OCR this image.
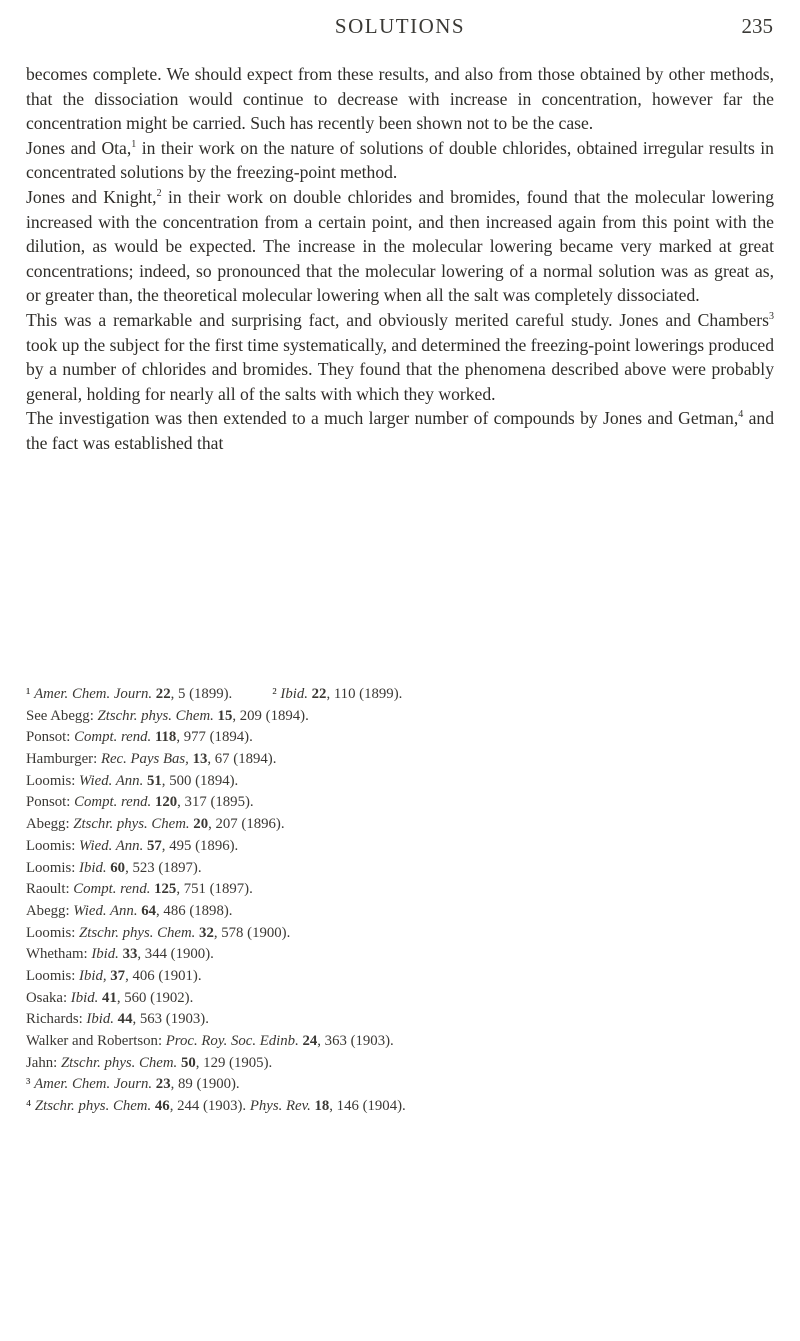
SOLUTIONS	235

becomes complete. We should expect from these results, and also from those obtained by other methods, that the dissociation would continue to decrease with increase in concentration, however far the concentration might be carried. Such has recently been shown not to be the case.

Jones and Ota,$^1$ in their work on the nature of solutions of double chlorides, obtained irregular results in concentrated solutions by the freezing-point method.

Jones and Knight,$^2$ in their work on double chlorides and bromides, found that the molecular lowering increased with the concentration from a certain point, and then increased again from this point with the dilution, as would be expected. The increase in the molecular lowering became very marked at great concentrations; indeed, so pronounced that the molecular lowering of a normal solution was as great as, or greater than, the theoretical molecular lowering when all the salt was completely dissociated.

This was a remarkable and surprising fact, and obviously merited careful study. Jones and Chambers$^3$ took up the subject for the first time systematically, and determined the freezing-point lowerings produced by a number of chlorides and bromides. They found that the phenomena described above were probably general, holding for nearly all of the salts with which they worked.

The investigation was then extended to a much larger number of compounds by Jones and Getman,$^4$ and the fact was established that

¹ Amer. Chem. Journ. 22, 5 (1899).	² Ibid. 22, 110 (1899).
See Abegg: Ztschr. phys. Chem. 15, 209 (1894).
Ponsot: Compt. rend. 118, 977 (1894).
Hamburger: Rec. Pays Bas, 13, 67 (1894).
Loomis: Wied. Ann. 51, 500 (1894).
Ponsot: Compt. rend. 120, 317 (1895).
Abegg: Ztschr. phys. Chem. 20, 207 (1896).
Loomis: Wied. Ann. 57, 495 (1896).
Loomis: Ibid. 60, 523 (1897).
Raoult: Compt. rend. 125, 751 (1897).
Abegg: Wied. Ann. 64, 486 (1898).
Loomis: Ztschr. phys. Chem. 32, 578 (1900).
Whetham: Ibid. 33, 344 (1900).
Loomis: Ibid, 37, 406 (1901).
Osaka: Ibid. 41, 560 (1902).
Richards: Ibid. 44, 563 (1903).
Walker and Robertson: Proc. Roy. Soc. Edinb. 24, 363 (1903).
Jahn: Ztschr. phys. Chem. 50, 129 (1905).
³ Amer. Chem. Journ. 23, 89 (1900).
⁴ Ztschr. phys. Chem. 46, 244 (1903). Phys. Rev. 18, 146 (1904).
